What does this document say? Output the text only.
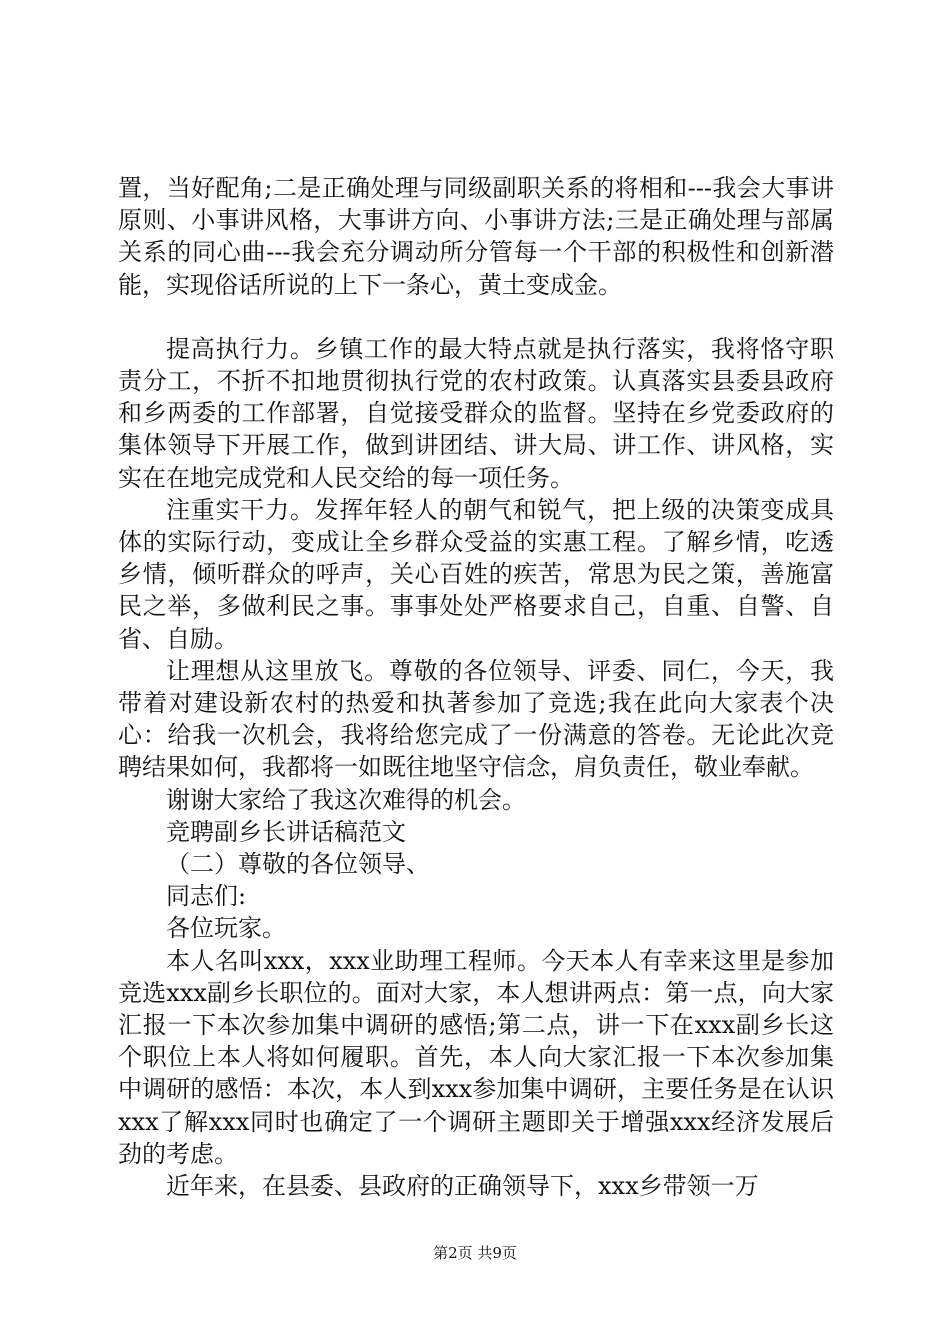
置，当好配角;二是正确处理与同级副职关系的将相和---我会大事讲原则、小事讲风格，大事讲方向、小事讲方法;三是正确处理与部属关系的同心曲---我会充分调动所分管每一个干部的积极性和创新潜能，实现俗话所说的上下一条心，黄土变成金。

提高执行力。乡镇工作的最大特点就是执行落实，我将恪守职责分工，不折不扣地贯彻执行党的农村政策。认真落实县委县政府和乡两委的工作部署，自觉接受群众的监督。坚持在乡党委政府的集体领导下开展工作，做到讲团结、讲大局、讲工作、讲风格，实实在在地完成党和人民交给的每一项任务。

注重实干力。发挥年轻人的朝气和锐气，把上级的决策变成具体的实际行动，变成让全乡群众受益的实惠工程。了解乡情，吃透乡情，倾听群众的呼声，关心百姓的疾苦，常思为民之策，善施富民之举，多做利民之事。事事处处严格要求自己，自重、自警、自省、自励。

让理想从这里放飞。尊敬的各位领导、评委、同仁，今天，我带着对建设新农村的热爱和执著参加了竞选;我在此向大家表个决心：给我一次机会，我将给您完成了一份满意的答卷。无论此次竞聘结果如何，我都将一如既往地坚守信念，肩负责任，敬业奉献。

谢谢大家给了我这次难得的机会。

竞聘副乡长讲话稿范文

（二）尊敬的各位领导、

同志们:

各位玩家。

本人名叫xxx，xxx业助理工程师。今天本人有幸来这里是参加竞选xxx副乡长职位的。面对大家，本人想讲两点：第一点，向大家汇报一下本次参加集中调研的感悟;第二点，讲一下在xxx副乡长这个职位上本人将如何履职。首先，本人向大家汇报一下本次参加集中调研的感悟：本次，本人到xxx参加集中调研，主要任务是在认识xxx了解xxx同时也确定了一个调研主题即关于增强xxx经济发展后劲的考虑。

近年来，在县委、县政府的正确领导下，xxx乡带领一万

第2页 共9页
